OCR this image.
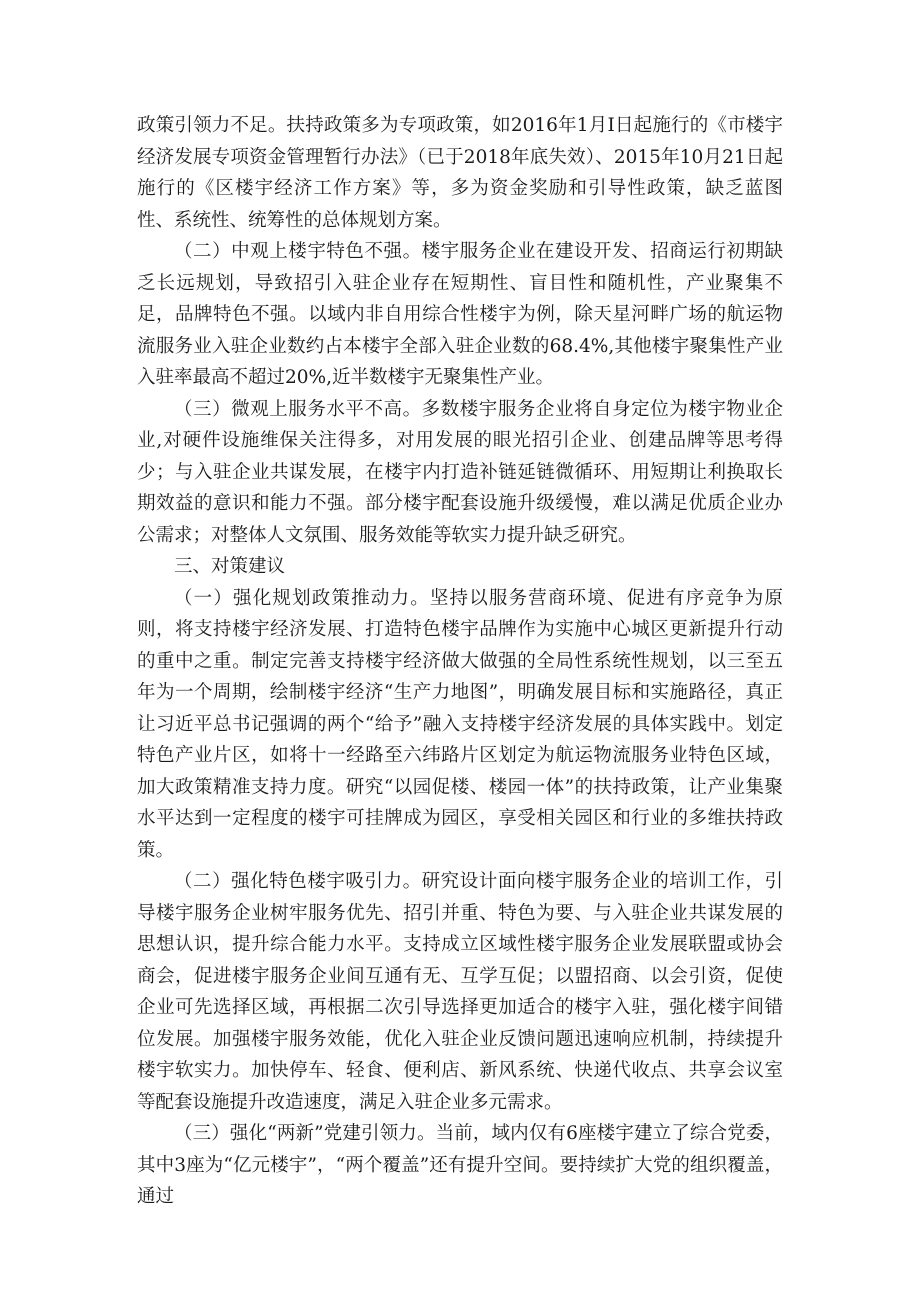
政策引领力不足。扶持政策多为专项政策，如2016年1月I日起施行的《市楼宇经济发展专项资金管理暂行办法》（已于2018年底失效）、2015年10月21日起施行的《区楼宇经济工作方案》等，多为资金奖励和引导性政策，缺乏蓝图性、系统性、统筹性的总体规划方案。

（二）中观上楼宇特色不强。楼宇服务企业在建设开发、招商运行初期缺乏长远规划，导致招引入驻企业存在短期性、盲目性和随机性，产业聚集不足，品牌特色不强。以域内非自用综合性楼宇为例，除天星河畔广场的航运物流服务业入驻企业数约占本楼宇全部入驻企业数的68.4%,其他楼宇聚集性产业入驻率最高不超过20%,近半数楼宇无聚集性产业。

（三）微观上服务水平不高。多数楼宇服务企业将自身定位为楼宇物业企业,对硬件设施维保关注得多，对用发展的眼光招引企业、创建品牌等思考得少；与入驻企业共谋发展，在楼宇内打造补链延链微循环、用短期让利换取长期效益的意识和能力不强。部分楼宇配套设施升级缓慢，难以满足优质企业办公需求；对整体人文氛围、服务效能等软实力提升缺乏研究。

三、对策建议

（一）强化规划政策推动力。坚持以服务营商环境、促进有序竞争为原则，将支持楼宇经济发展、打造特色楼宇品牌作为实施中心城区更新提升行动的重中之重。制定完善支持楼宇经济做大做强的全局性系统性规划，以三至五年为一个周期，绘制楼宇经济“生产力地图”，明确发展目标和实施路径，真正让习近平总书记强调的两个“给予”融入支持楼宇经济发展的具体实践中。划定特色产业片区，如将十一经路至六纬路片区划定为航运物流服务业特色区域，加大政策精准支持力度。研究“以园促楼、楼园一体”的扶持政策，让产业集聚水平达到一定程度的楼宇可挂牌成为园区，享受相关园区和行业的多维扶持政策。

（二）强化特色楼宇吸引力。研究设计面向楼宇服务企业的培训工作，引导楼宇服务企业树牢服务优先、招引并重、特色为要、与入驻企业共谋发展的思想认识，提升综合能力水平。支持成立区域性楼宇服务企业发展联盟或协会商会，促进楼宇服务企业间互通有无、互学互促；以盟招商、以会引资，促使企业可先选择区域，再根据二次引导选择更加适合的楼宇入驻，强化楼宇间错位发展。加强楼宇服务效能，优化入驻企业反馈问题迅速响应机制，持续提升楼宇软实力。加快停车、轻食、便利店、新风系统、快递代收点、共享会议室等配套设施提升改造速度，满足入驻企业多元需求。

（三）强化“两新”党建引领力。当前，域内仅有6座楼宇建立了综合党委，其中3座为“亿元楼宇”，“两个覆盖”还有提升空间。要持续扩大党的组织覆盖，通过
